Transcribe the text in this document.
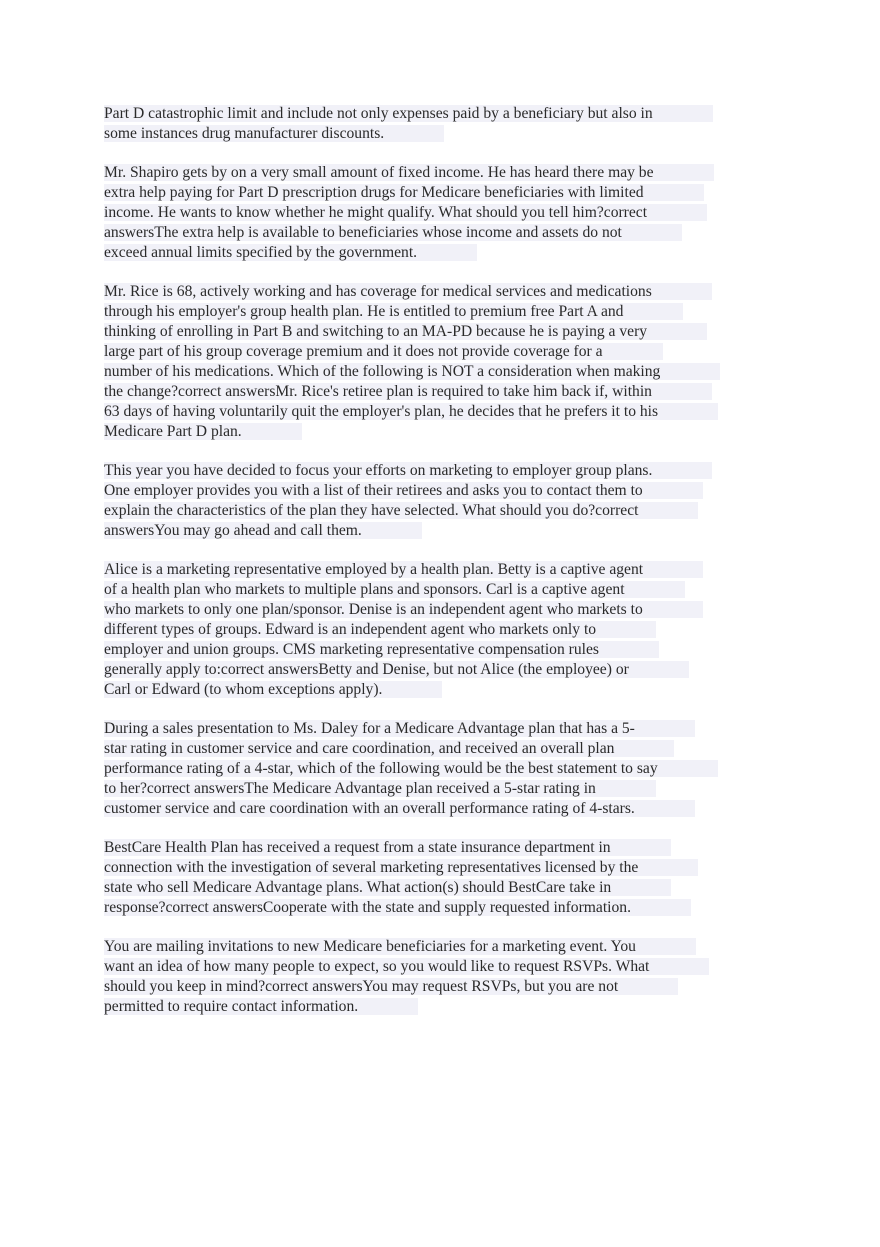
Part D catastrophic limit and include not only expenses paid by a beneficiary but also in
some instances drug manufacturer discounts.
Mr. Shapiro gets by on a very small amount of fixed income. He has heard there may be
extra help paying for Part D prescription drugs for Medicare beneficiaries with limited
income. He wants to know whether he might qualify. What should you tell him?correct
answersThe extra help is available to beneficiaries whose income and assets do not
exceed annual limits specified by the government.
Mr. Rice is 68, actively working and has coverage for medical services and medications
through his employer's group health plan. He is entitled to premium free Part A and
thinking of enrolling in Part B and switching to an MA-PD because he is paying a very
large part of his group coverage premium and it does not provide coverage for a
number of his medications. Which of the following is NOT a consideration when making
the change?correct answersMr. Rice's retiree plan is required to take him back if, within
63 days of having voluntarily quit the employer's plan, he decides that he prefers it to his
Medicare Part D plan.
This year you have decided to focus your efforts on marketing to employer group plans.
One employer provides you with a list of their retirees and asks you to contact them to
explain the characteristics of the plan they have selected. What should you do?correct
answersYou may go ahead and call them.
Alice is a marketing representative employed by a health plan. Betty is a captive agent
of a health plan who markets to multiple plans and sponsors. Carl is a captive agent
who markets to only one plan/sponsor. Denise is an independent agent who markets to
different types of groups. Edward is an independent agent who markets only to
employer and union groups. CMS marketing representative compensation rules
generally apply to:correct answersBetty and Denise, but not Alice (the employee) or
Carl or Edward (to whom exceptions apply).
During a sales presentation to Ms. Daley for a Medicare Advantage plan that has a 5-
star rating in customer service and care coordination, and received an overall plan
performance rating of a 4-star, which of the following would be the best statement to say
to her?correct answersThe Medicare Advantage plan received a 5-star rating in
customer service and care coordination with an overall performance rating of 4-stars.
BestCare Health Plan has received a request from a state insurance department in
connection with the investigation of several marketing representatives licensed by the
state who sell Medicare Advantage plans. What action(s) should BestCare take in
response?correct answersCooperate with the state and supply requested information.
You are mailing invitations to new Medicare beneficiaries for a marketing event. You
want an idea of how many people to expect, so you would like to request RSVPs. What
should you keep in mind?correct answersYou may request RSVPs, but you are not
permitted to require contact information.
